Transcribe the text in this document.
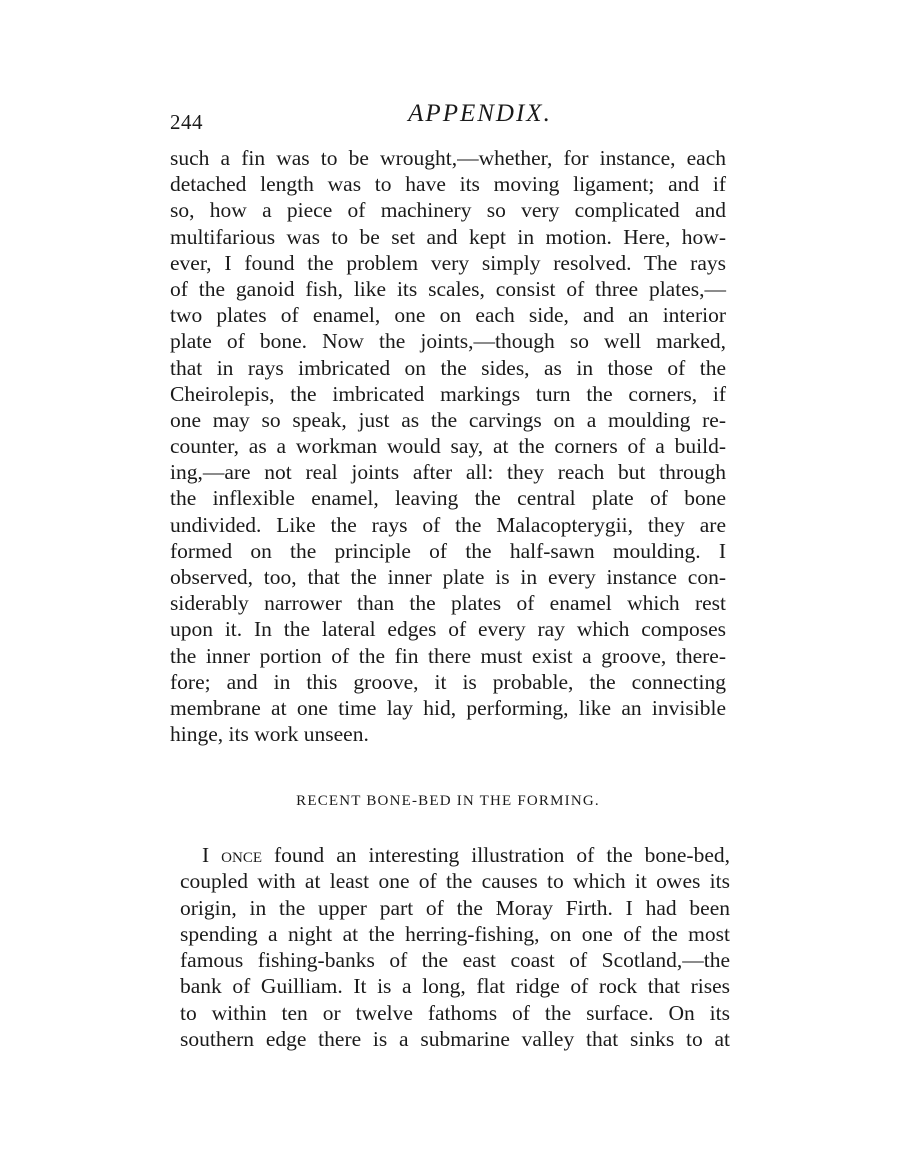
244	APPENDIX.
such a fin was to be wrought,—whether, for instance, each
detached length was to have its moving ligament; and if
so, how a piece of machinery so very complicated and
multifarious was to be set and kept in motion. Here, how-
ever, I found the problem very simply resolved. The rays
of the ganoid fish, like its scales, consist of three plates,—
two plates of enamel, one on each side, and an interior
plate of bone. Now the joints,—though so well marked,
that in rays imbricated on the sides, as in those of the
Cheirolepis, the imbricated markings turn the corners, if
one may so speak, just as the carvings on a moulding re-
counter, as a workman would say, at the corners of a build-
ing,—are not real joints after all: they reach but through
the inflexible enamel, leaving the central plate of bone
undivided. Like the rays of the Malacopterygii, they are
formed on the principle of the half-sawn moulding. I
observed, too, that the inner plate is in every instance con-
siderably narrower than the plates of enamel which rest
upon it. In the lateral edges of every ray which composes
the inner portion of the fin there must exist a groove, there-
fore; and in this groove, it is probable, the connecting
membrane at one time lay hid, performing, like an invisible
hinge, its work unseen.
RECENT BONE-BED IN THE FORMING.
I once found an interesting illustration of the bone-bed,
coupled with at least one of the causes to which it owes its
origin, in the upper part of the Moray Firth. I had been
spending a night at the herring-fishing, on one of the most
famous fishing-banks of the east coast of Scotland,—the
bank of Guilliam. It is a long, flat ridge of rock that rises
to within ten or twelve fathoms of the surface. On its
southern edge there is a submarine valley that sinks to at
